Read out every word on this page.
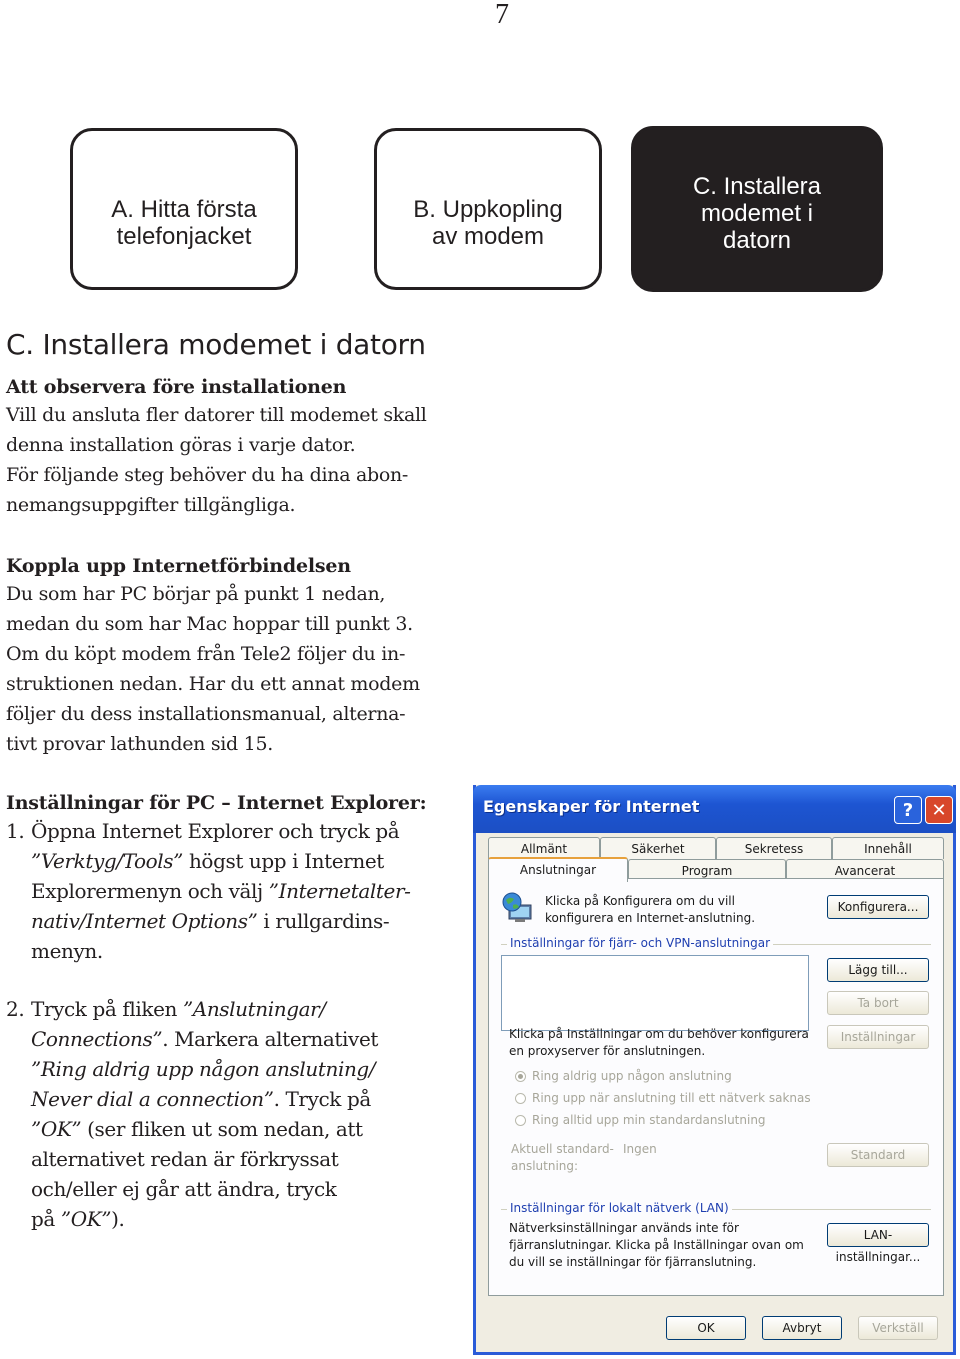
7
A. Hitta första
telefonjacket
B. Uppkopling
av modem
C. Installera
modemet i
datorn
C. Installera modemet i datorn
Att observera före installationen
Vill du ansluta fler datorer till modemet skall
denna installation göras i varje dator.
För följande steg behöver du ha dina abon-
nemangsuppgifter tillgängliga.
Koppla upp Internetförbindelsen
Du som har PC börjar på punkt 1 nedan,
medan du som har Mac hoppar till punkt 3.
Om du köpt modem från Tele2 följer du in-
struktionen nedan. Har du ett annat modem
följer du dess installationsmanual, alterna-
tivt provar lathunden sid 15.
Inställningar för PC – Internet Explorer:
1. Öppna Internet Explorer och tryck på
”Verktyg/Tools” högst upp i Internet
Explorermenyn och välj ”Internetalter-
nativ/Internet Options” i rullgardins-
menyn.
2. Tryck på fliken ”Anslutningar/
Connections”. Markera alternativet
”Ring aldrig upp någon anslutning/
Never dial a connection”. Tryck på
”OK” (ser fliken ut som nedan, att
alternativet redan är förkryssat
och/eller ej går att ändra, tryck
på ”OK”).
Egenskaper för Internet	?	✕
Allmänt	Säkerhet	Sekretess	Innehåll
Anslutningar	Program	Avancerat
Klicka på Konfigurera om du vill
konfigurera en Internet-anslutning.
Konfigurera...
Inställningar för fjärr- och VPN-anslutningar
Lägg till...
Ta bort
Inställningar
Klicka på Inställningar om du behöver konfigurera
en proxyserver för anslutningen.
Ring aldrig upp någon anslutning
Ring upp när anslutning till ett nätverk saknas
Ring alltid upp min standardanslutning
Aktuell standard-
anslutning:
Ingen	Standard
Inställningar för lokalt nätverk (LAN)
Nätverksinställningar används inte för
fjärranslutningar. Klicka på Inställningar ovan om
du vill se inställningar för fjärranslutning.
LAN-inställningar...
OK	Avbryt	Verkställ
